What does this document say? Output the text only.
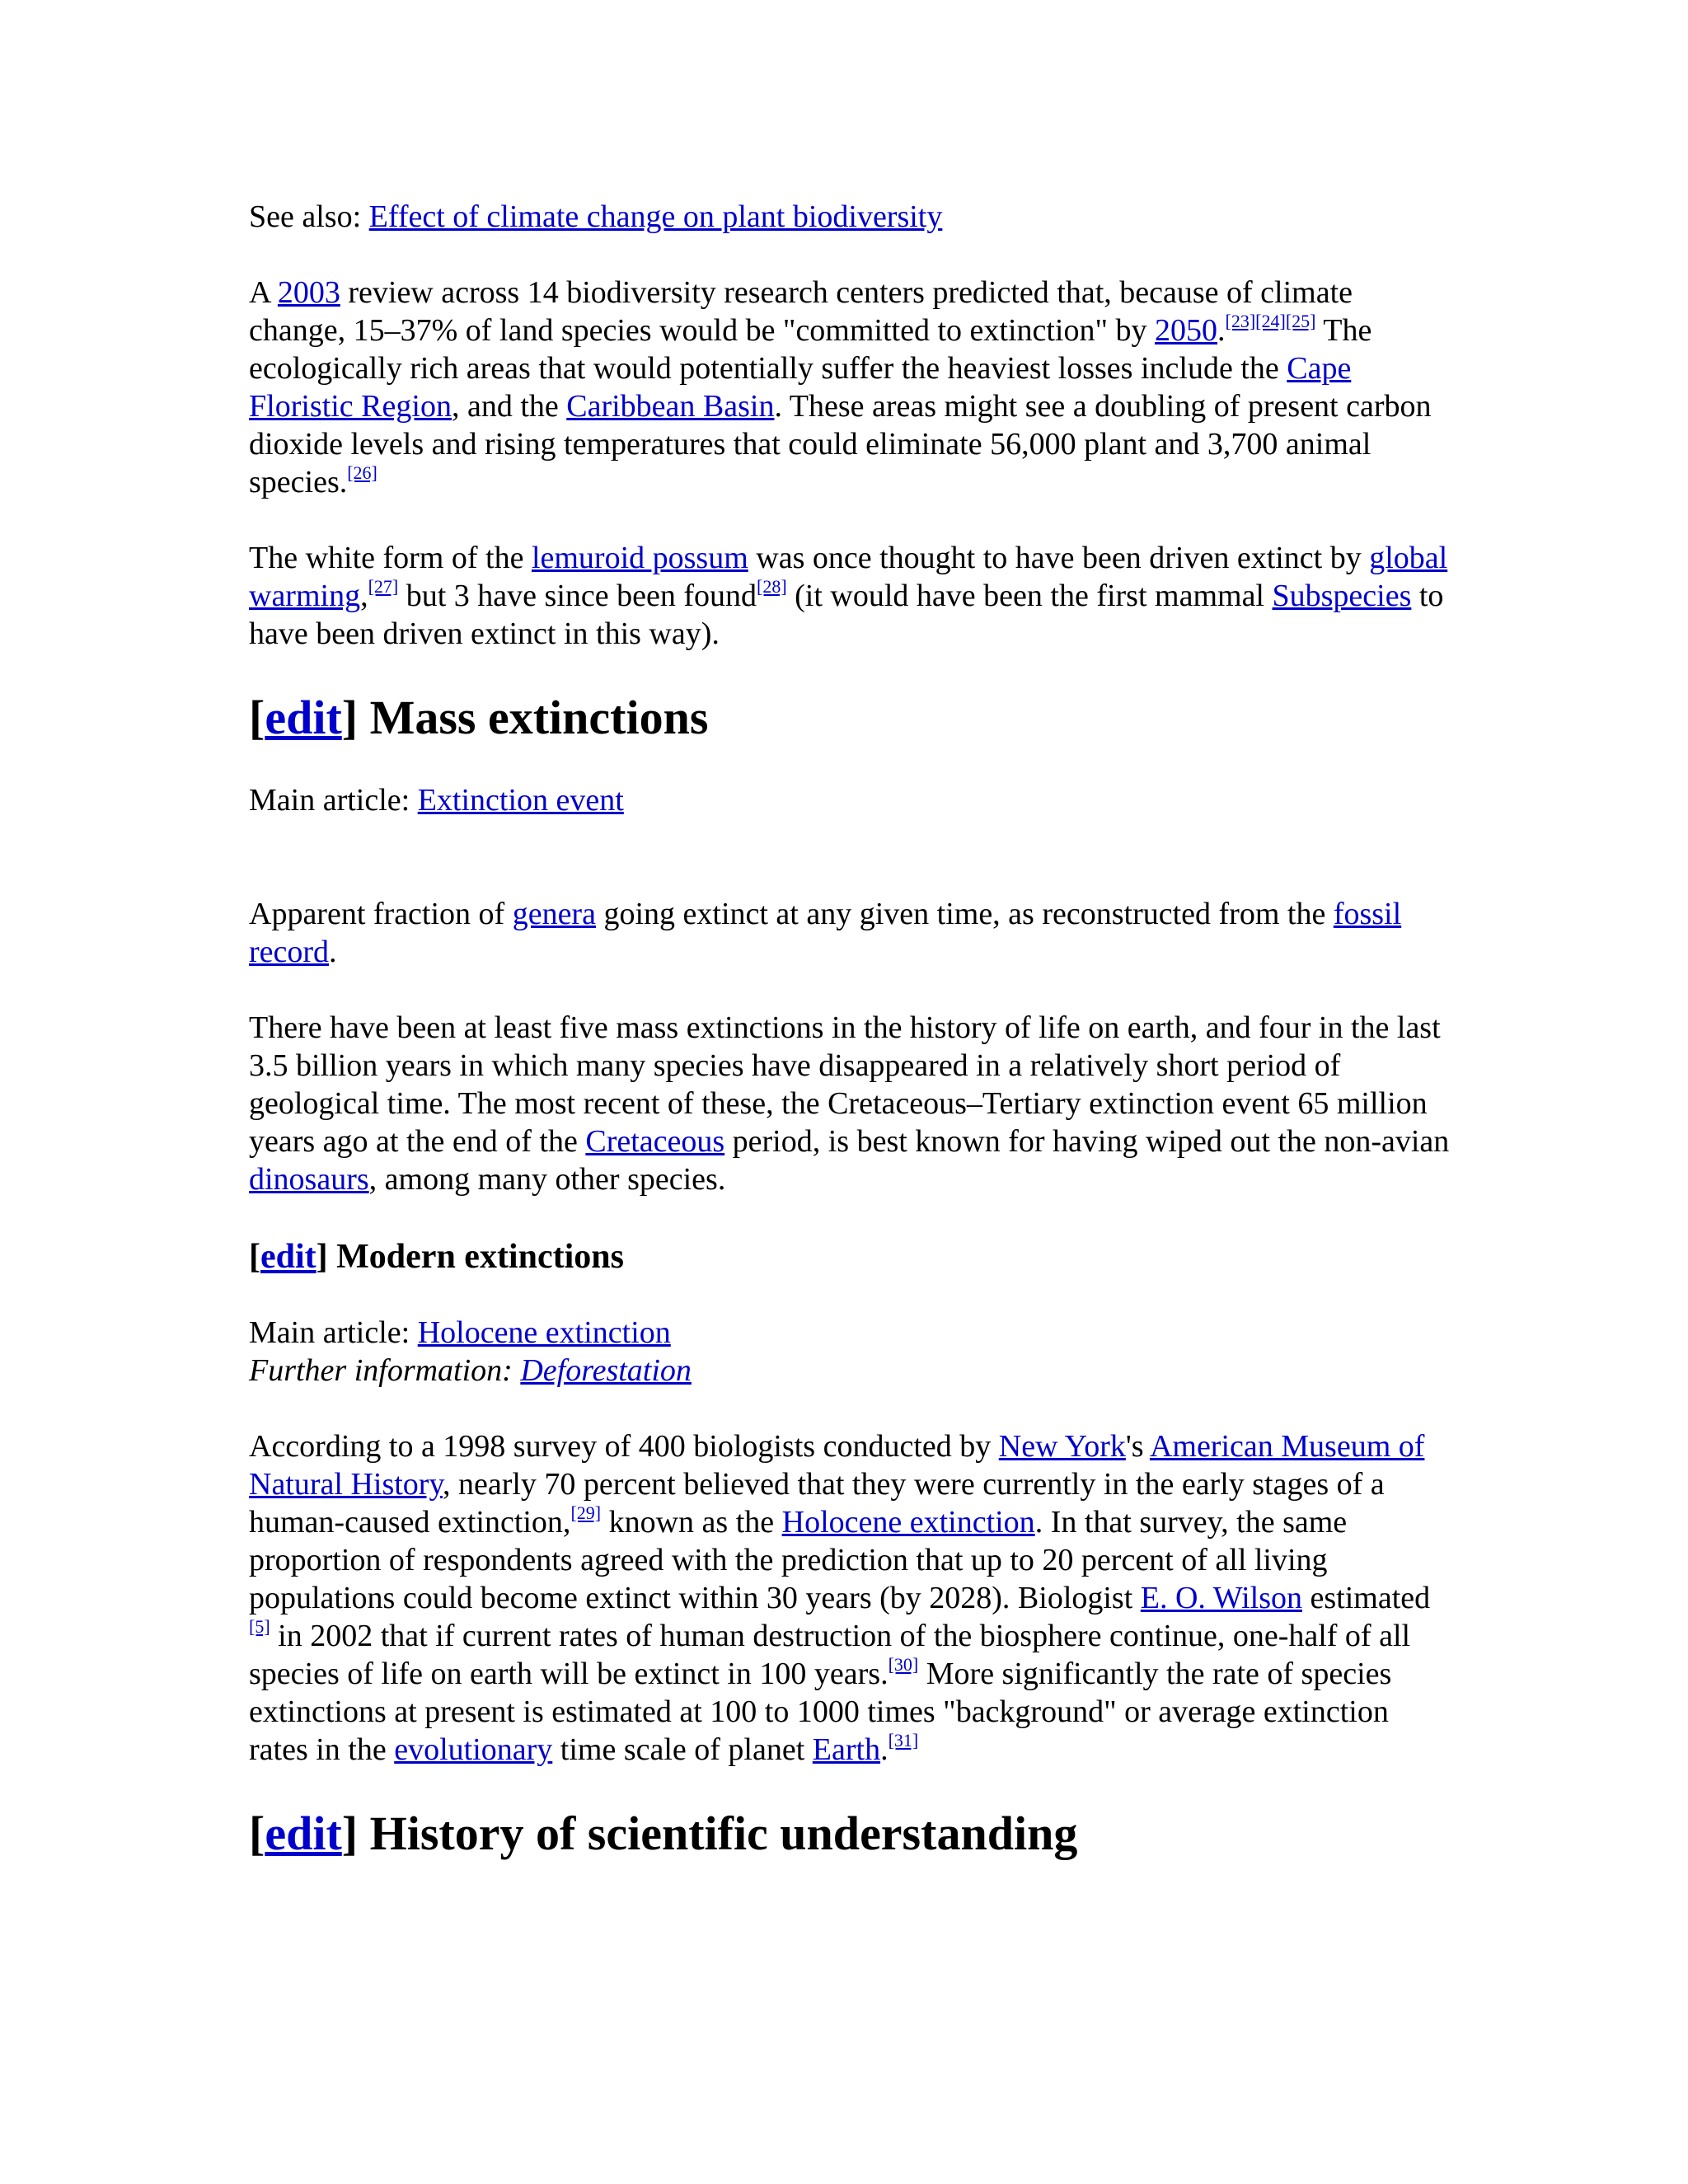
See also: Effect of climate change on plant biodiversity

A 2003 review across 14 biodiversity research centers predicted that, because of climate change, 15–37% of land species would be "committed to extinction" by 2050.[23][24][25] The ecologically rich areas that would potentially suffer the heaviest losses include the Cape Floristic Region, and the Caribbean Basin. These areas might see a doubling of present carbon dioxide levels and rising temperatures that could eliminate 56,000 plant and 3,700 animal species.[26]

The white form of the lemuroid possum was once thought to have been driven extinct by global warming,[27] but 3 have since been found[28] (it would have been the first mammal Subspecies to have been driven extinct in this way).

[edit] Mass extinctions
Main article: Extinction event

Apparent fraction of genera going extinct at any given time, as reconstructed from the fossil record.

There have been at least five mass extinctions in the history of life on earth, and four in the last 3.5 billion years in which many species have disappeared in a relatively short period of geological time. The most recent of these, the Cretaceous–Tertiary extinction event 65 million years ago at the end of the Cretaceous period, is best known for having wiped out the non-avian dinosaurs, among many other species.

[edit] Modern extinctions
Main article: Holocene extinction
Further information: Deforestation

According to a 1998 survey of 400 biologists conducted by New York's American Museum of Natural History, nearly 70 percent believed that they were currently in the early stages of a human-caused extinction,[29] known as the Holocene extinction. In that survey, the same proportion of respondents agreed with the prediction that up to 20 percent of all living populations could become extinct within 30 years (by 2028). Biologist E. O. Wilson estimated [5] in 2002 that if current rates of human destruction of the biosphere continue, one-half of all species of life on earth will be extinct in 100 years.[30] More significantly the rate of species extinctions at present is estimated at 100 to 1000 times "background" or average extinction rates in the evolutionary time scale of planet Earth.[31]

[edit] History of scientific understanding
